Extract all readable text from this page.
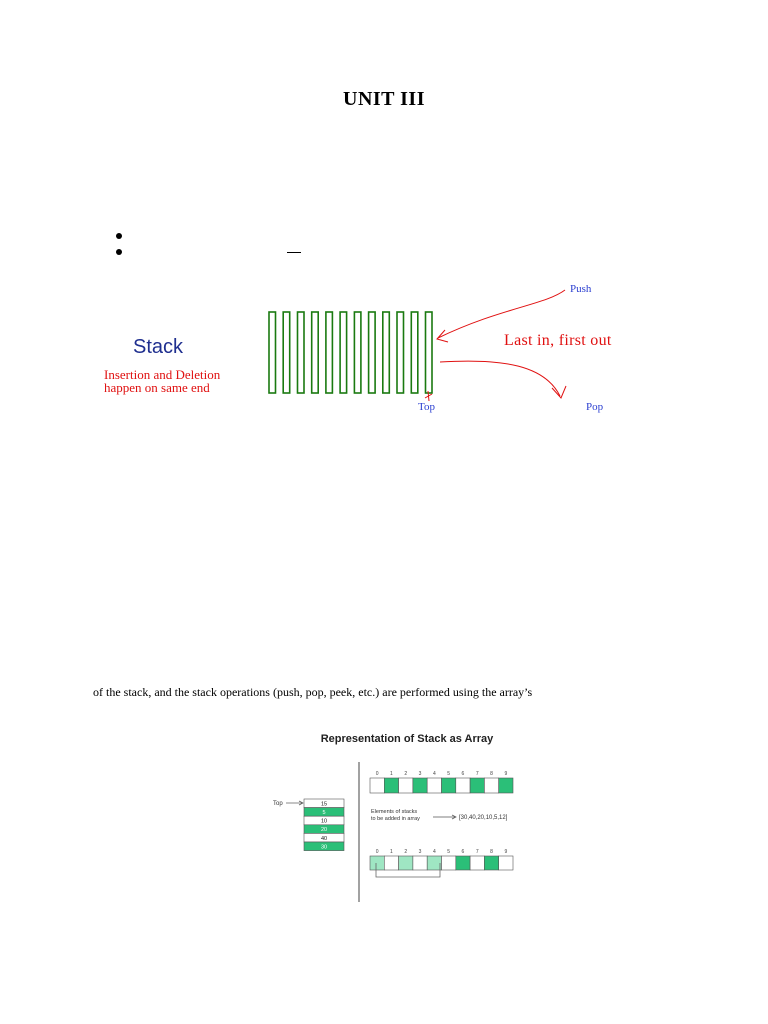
UNIT III
Stack
Insertion and Deletion
happen on same end
Last in, first out
Push
Pop
Top
of the stack, and the stack operations (push, pop, peek, etc.) are performed using the array’s
Representation of Stack as Array
Top	15
5
10
20
40
30
0 1 2 3 4 5 6 7 8 9
Elements of stacks
to be added in array	[30,40,20,10,5,12]
0 1 2 3 4 5 6 7 8 9
